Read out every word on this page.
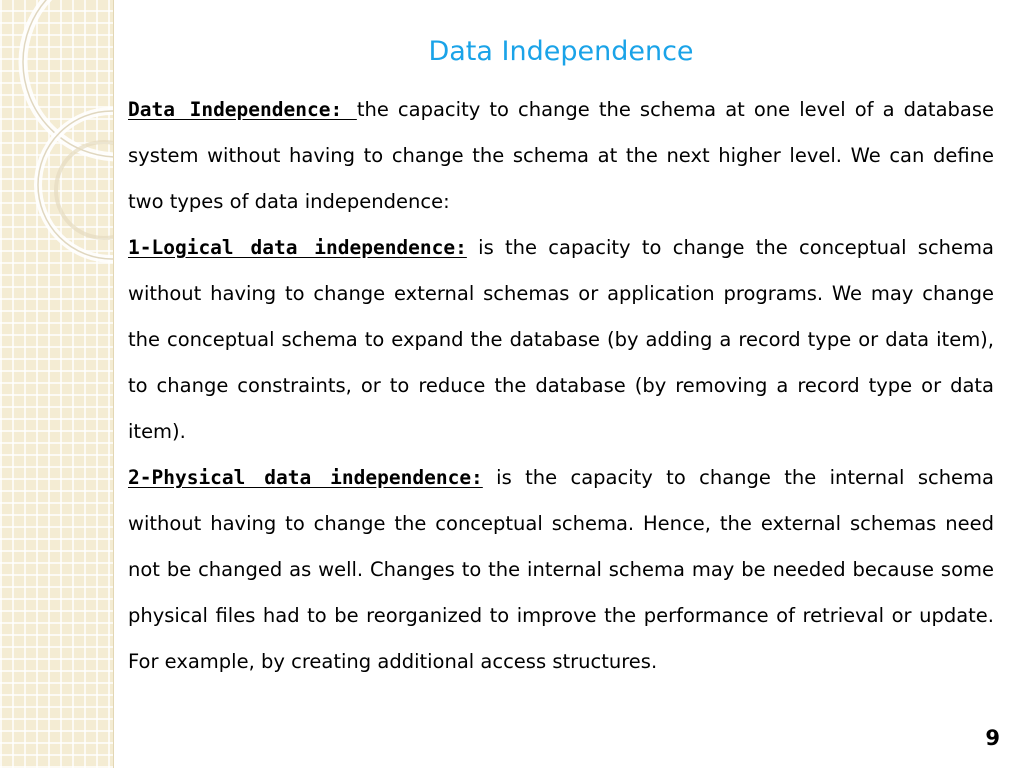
Data Independence

Data Independence: the capacity to change the schema at one level of a database system without having to change the schema at the next higher level. We can define two types of data independence:

1-Logical data independence: is the capacity to change the conceptual schema without having to change external schemas or application programs. We may change the conceptual schema to expand the database (by adding a record type or data item), to change constraints, or to reduce the database (by removing a record type or data item).

2-Physical data independence: is the capacity to change the internal schema without having to change the conceptual schema. Hence, the external schemas need not be changed as well. Changes to the internal schema may be needed because some physical files had to be reorganized to improve the performance of retrieval or update. For example, by creating additional access structures.

9
